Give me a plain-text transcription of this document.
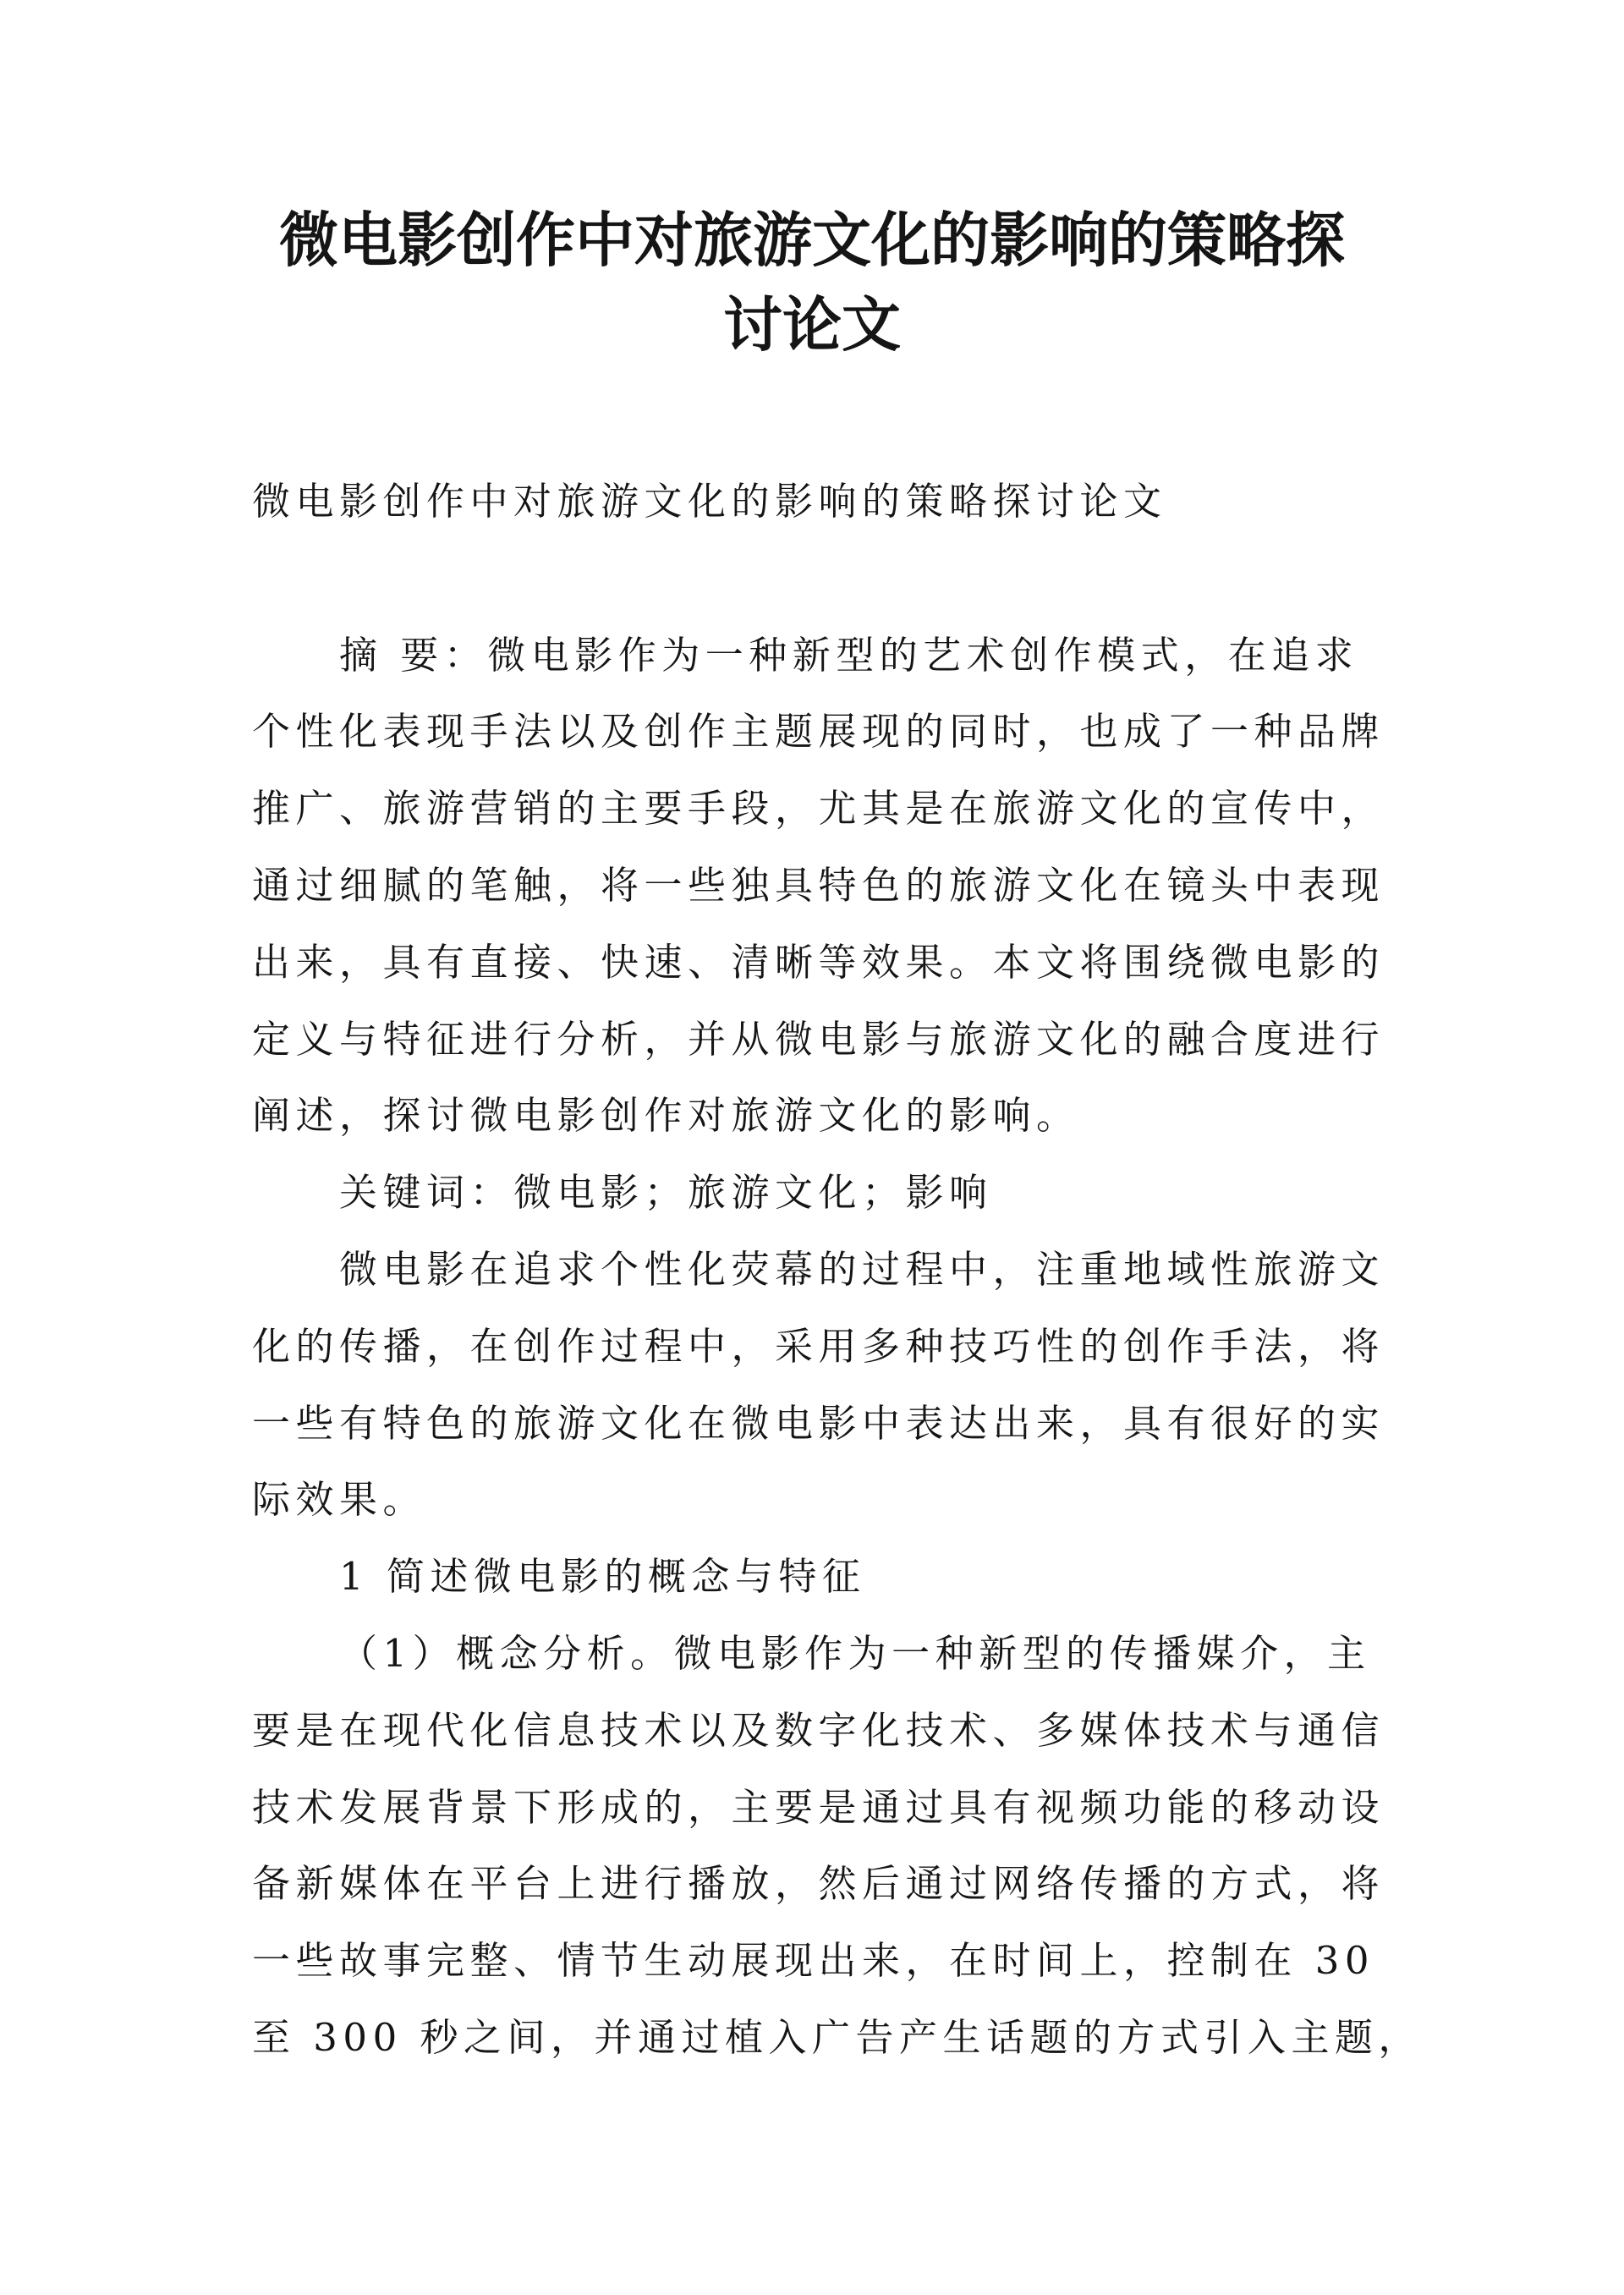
微电影创作中对旅游文化的影响的策略探
讨论文
微电影创作中对旅游文化的影响的策略探讨论文
摘 要：微电影作为一种新型的艺术创作模式，在追求
个性化表现手法以及创作主题展现的同时，也成了一种品牌
推广、旅游营销的主要手段，尤其是在旅游文化的宣传中，
通过细腻的笔触，将一些独具特色的旅游文化在镜头中表现
出来，具有直接、快速、清晰等效果。本文将围绕微电影的
定义与特征进行分析，并从微电影与旅游文化的融合度进行
阐述，探讨微电影创作对旅游文化的影响。
关键词：微电影；旅游文化；影响
微电影在追求个性化荧幕的过程中，注重地域性旅游文
化的传播，在创作过程中，采用多种技巧性的创作手法，将
一些有特色的旅游文化在微电影中表达出来，具有很好的实
际效果。
1 简述微电影的概念与特征
（1）概念分析。微电影作为一种新型的传播媒介，主
要是在现代化信息技术以及数字化技术、多媒体技术与通信
技术发展背景下形成的，主要是通过具有视频功能的移动设
备新媒体在平台上进行播放，然后通过网络传播的方式，将
一些故事完整、情节生动展现出来，在时间上，控制在 30
至 300 秒之间，并通过植入广告产生话题的方式引入主题，
